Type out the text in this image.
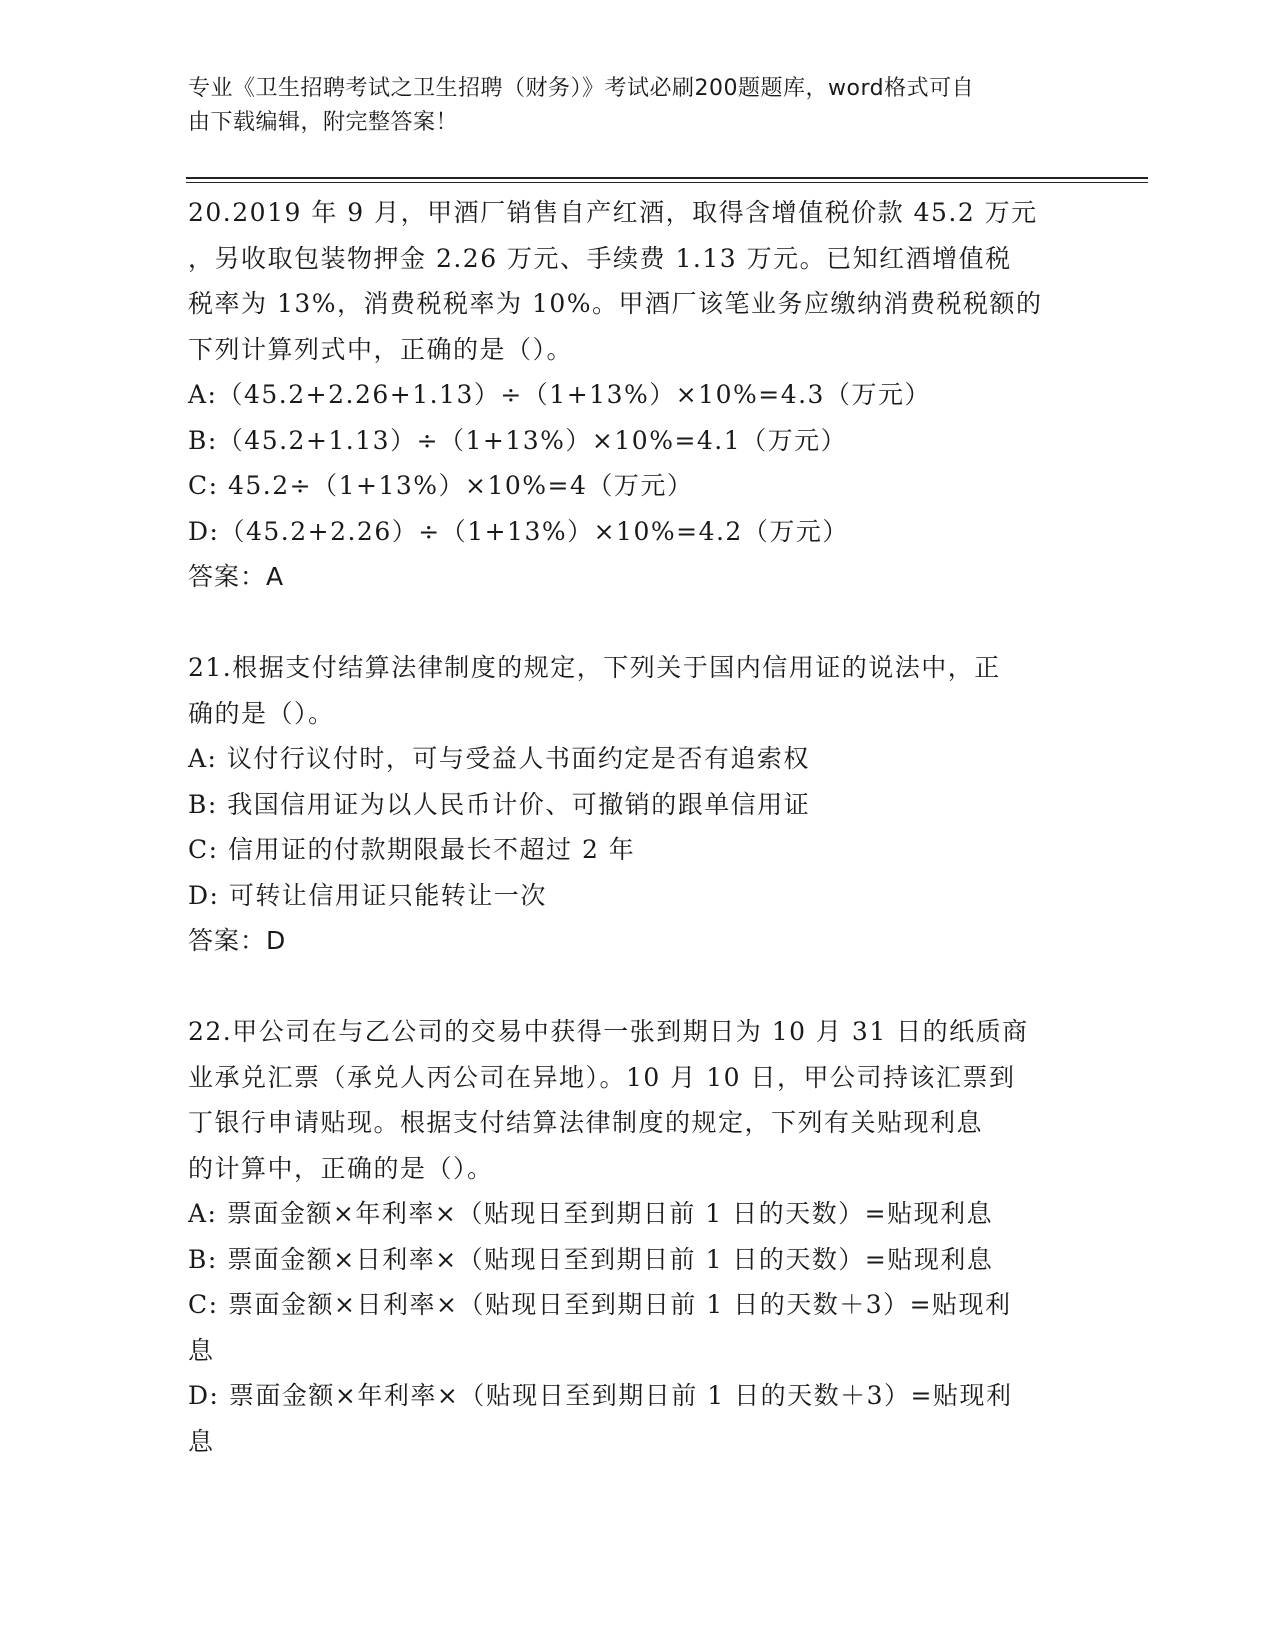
专业《卫生招聘考试之卫生招聘（财务）》考试必刷200题题库，word格式可自
由下载编辑，附完整答案！
20.2019 年 9 月，甲酒厂销售自产红酒，取得含增值税价款 45.2 万元
，另收取包装物押金 2.26 万元、手续费 1.13 万元。已知红酒增值税
税率为 13%，消费税税率为 10%。甲酒厂该笔业务应缴纳消费税税额的
下列计算列式中，正确的是（）。
A:（45.2+2.26+1.13）÷（1+13%）×10%=4.3（万元）
B:（45.2+1.13）÷（1+13%）×10%=4.1（万元）
C: 45.2÷（1+13%）×10%=4（万元）
D:（45.2+2.26）÷（1+13%）×10%=4.2（万元）
答案：A
21.根据支付结算法律制度的规定，下列关于国内信用证的说法中，正
确的是（）。
A: 议付行议付时，可与受益人书面约定是否有追索权
B: 我国信用证为以人民币计价、可撤销的跟单信用证
C: 信用证的付款期限最长不超过 2 年
D: 可转让信用证只能转让一次
答案：D
22.甲公司在与乙公司的交易中获得一张到期日为 10 月 31 日的纸质商
业承兑汇票（承兑人丙公司在异地）。10 月 10 日，甲公司持该汇票到
丁银行申请贴现。根据支付结算法律制度的规定，下列有关贴现利息
的计算中，正确的是（）。
A: 票面金额×年利率×（贴现日至到期日前 1 日的天数）=贴现利息
B: 票面金额×日利率×（贴现日至到期日前 1 日的天数）=贴现利息
C: 票面金额×日利率×（贴现日至到期日前 1 日的天数＋3）=贴现利
息
D: 票面金额×年利率×（贴现日至到期日前 1 日的天数＋3）=贴现利
息
